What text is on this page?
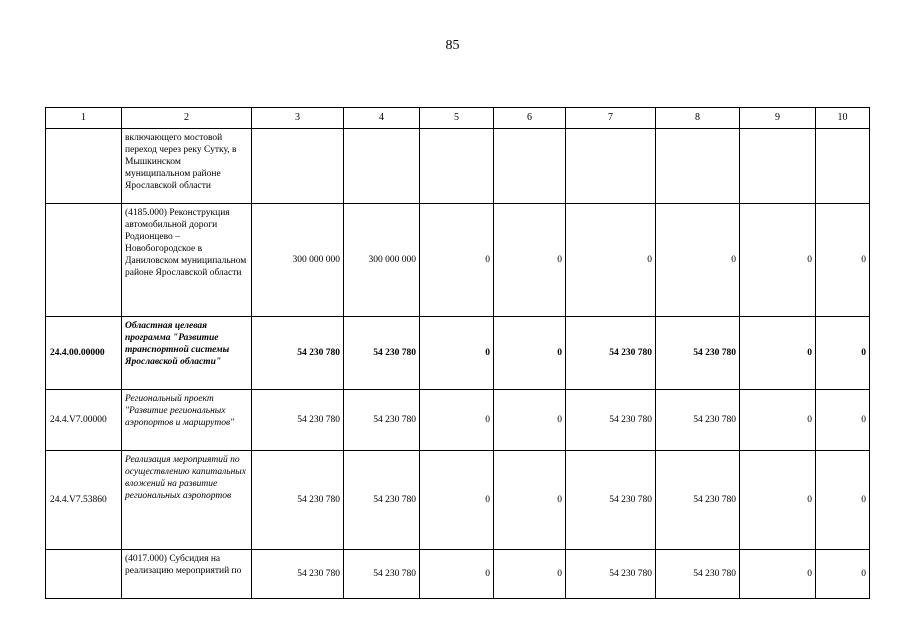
85
1	2	3	4	5	6	7	8	9	10
	включающего мостовой переход через реку Сутку, в Мышкинском муниципальном районе Ярославской области								
	(4185.000) Реконструкция автомобильной дороги Родионцево – Новобогородское в Даниловском муниципальном районе Ярославской области	300 000 000	300 000 000	0	0	0	0	0	0
24.4.00.00000	Областная целевая программа "Развитие транспортной системы Ярославской области"	54 230 780	54 230 780	0	0	54 230 780	54 230 780	0	0
24.4.V7.00000	Региональный проект "Развитие региональных аэропортов и маршрутов"	54 230 780	54 230 780	0	0	54 230 780	54 230 780	0	0
24.4.V7.53860	Реализация мероприятий по осуществлению капитальных вложений на развитие региональных аэропортов	54 230 780	54 230 780	0	0	54 230 780	54 230 780	0	0
	(4017.000) Субсидия на реализацию мероприятий по	54 230 780	54 230 780	0	0	54 230 780	54 230 780	0	0
